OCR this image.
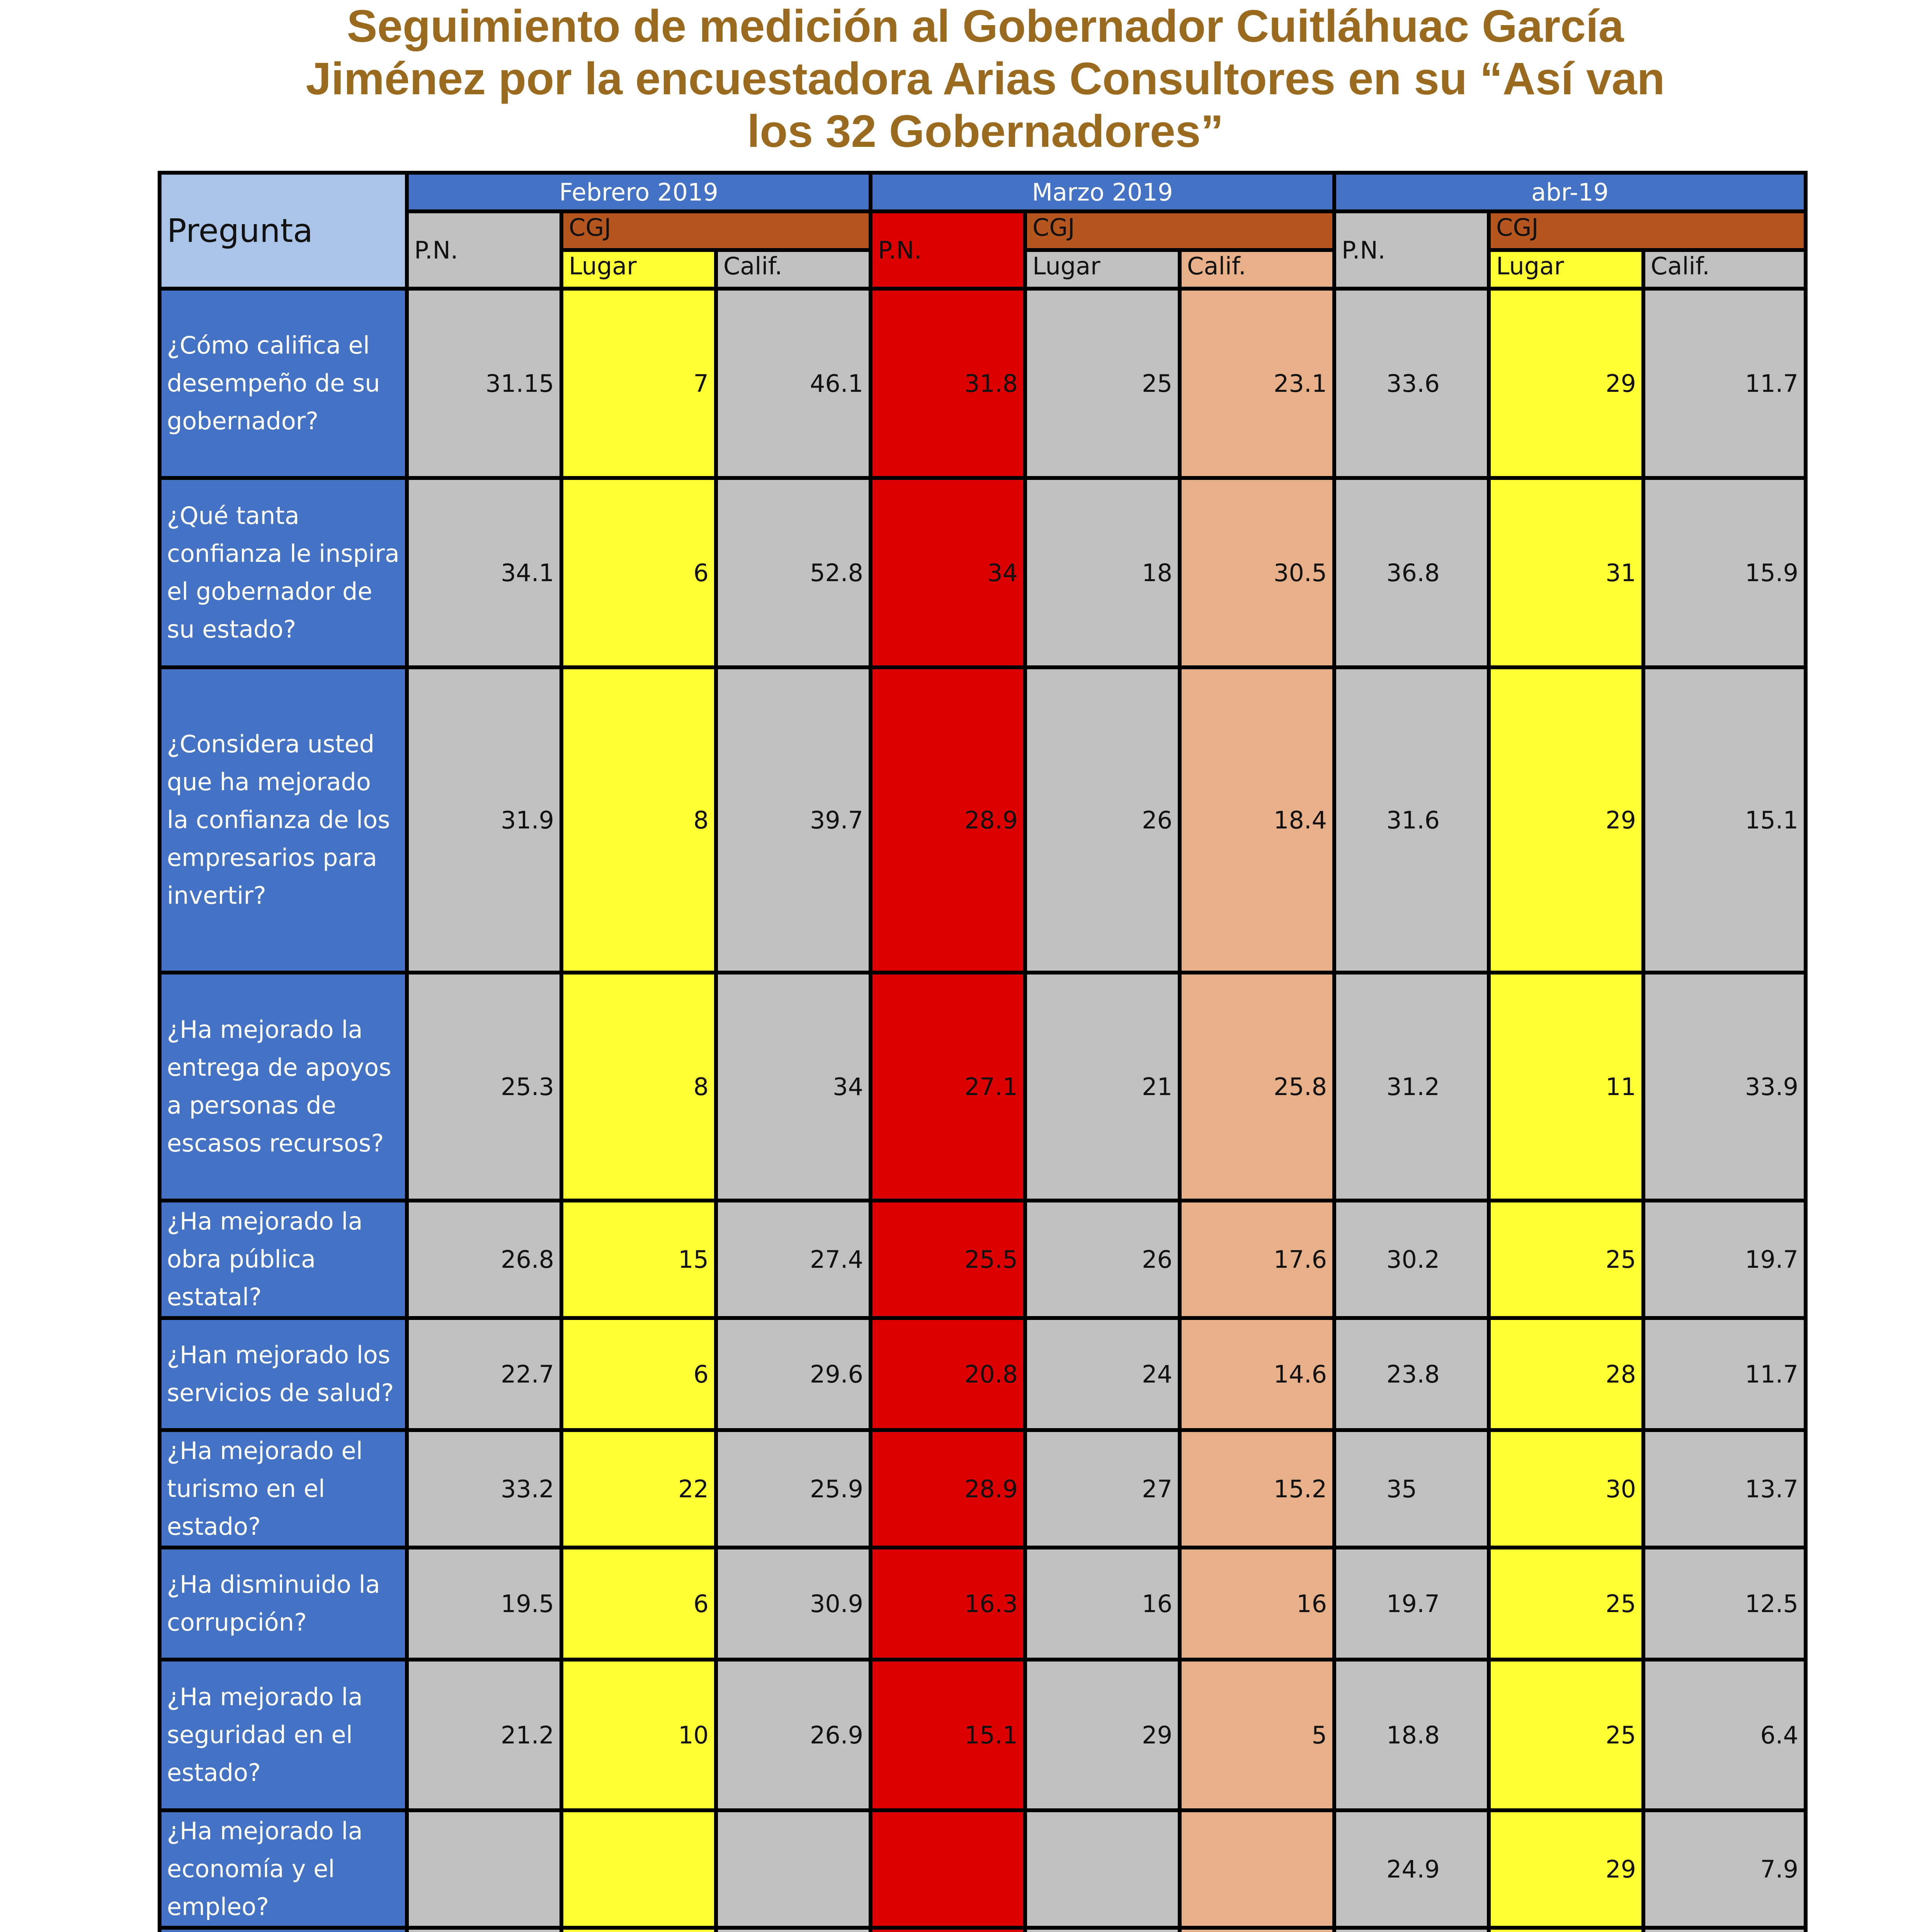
Seguimiento de medición al Gobernador Cuitláhuac García
Jiménez por la encuestadora Arias Consultores en su “Así van
los 32 Gobernadores”
Pregunta	Febrero 2019			Marzo 2019			abr-19		
	P.N.	CGJ		P.N.	CGJ		P.N.	CGJ	
		Lugar	Calif.		Lugar	Calif.		Lugar	Calif.
¿Cómo califica el desempeño de su gobernador?	31.15	7	46.1	31.8	25	23.1	33.6	29	11.7
¿Qué tanta confianza le inspira el gobernador de su estado?	34.1	6	52.8	34	18	30.5	36.8	31	15.9
¿Considera usted que ha mejorado la confianza de los empresarios para invertir?	31.9	8	39.7	28.9	26	18.4	31.6	29	15.1
¿Ha mejorado la entrega de apoyos a personas de escasos recursos?	25.3	8	34	27.1	21	25.8	31.2	11	33.9
¿Ha mejorado la obra pública estatal?	26.8	15	27.4	25.5	26	17.6	30.2	25	19.7
¿Han mejorado los servicios de salud?	22.7	6	29.6	20.8	24	14.6	23.8	28	11.7
¿Ha mejorado el turismo en el estado?	33.2	22	25.9	28.9	27	15.2	35	30	13.7
¿Ha disminuido la corrupción?	19.5	6	30.9	16.3	16	16	19.7	25	12.5
¿Ha mejorado la seguridad en el estado?	21.2	10	26.9	15.1	29	5	18.8	25	6.4
¿Ha mejorado la economía y el empleo?							24.9	29	7.9
